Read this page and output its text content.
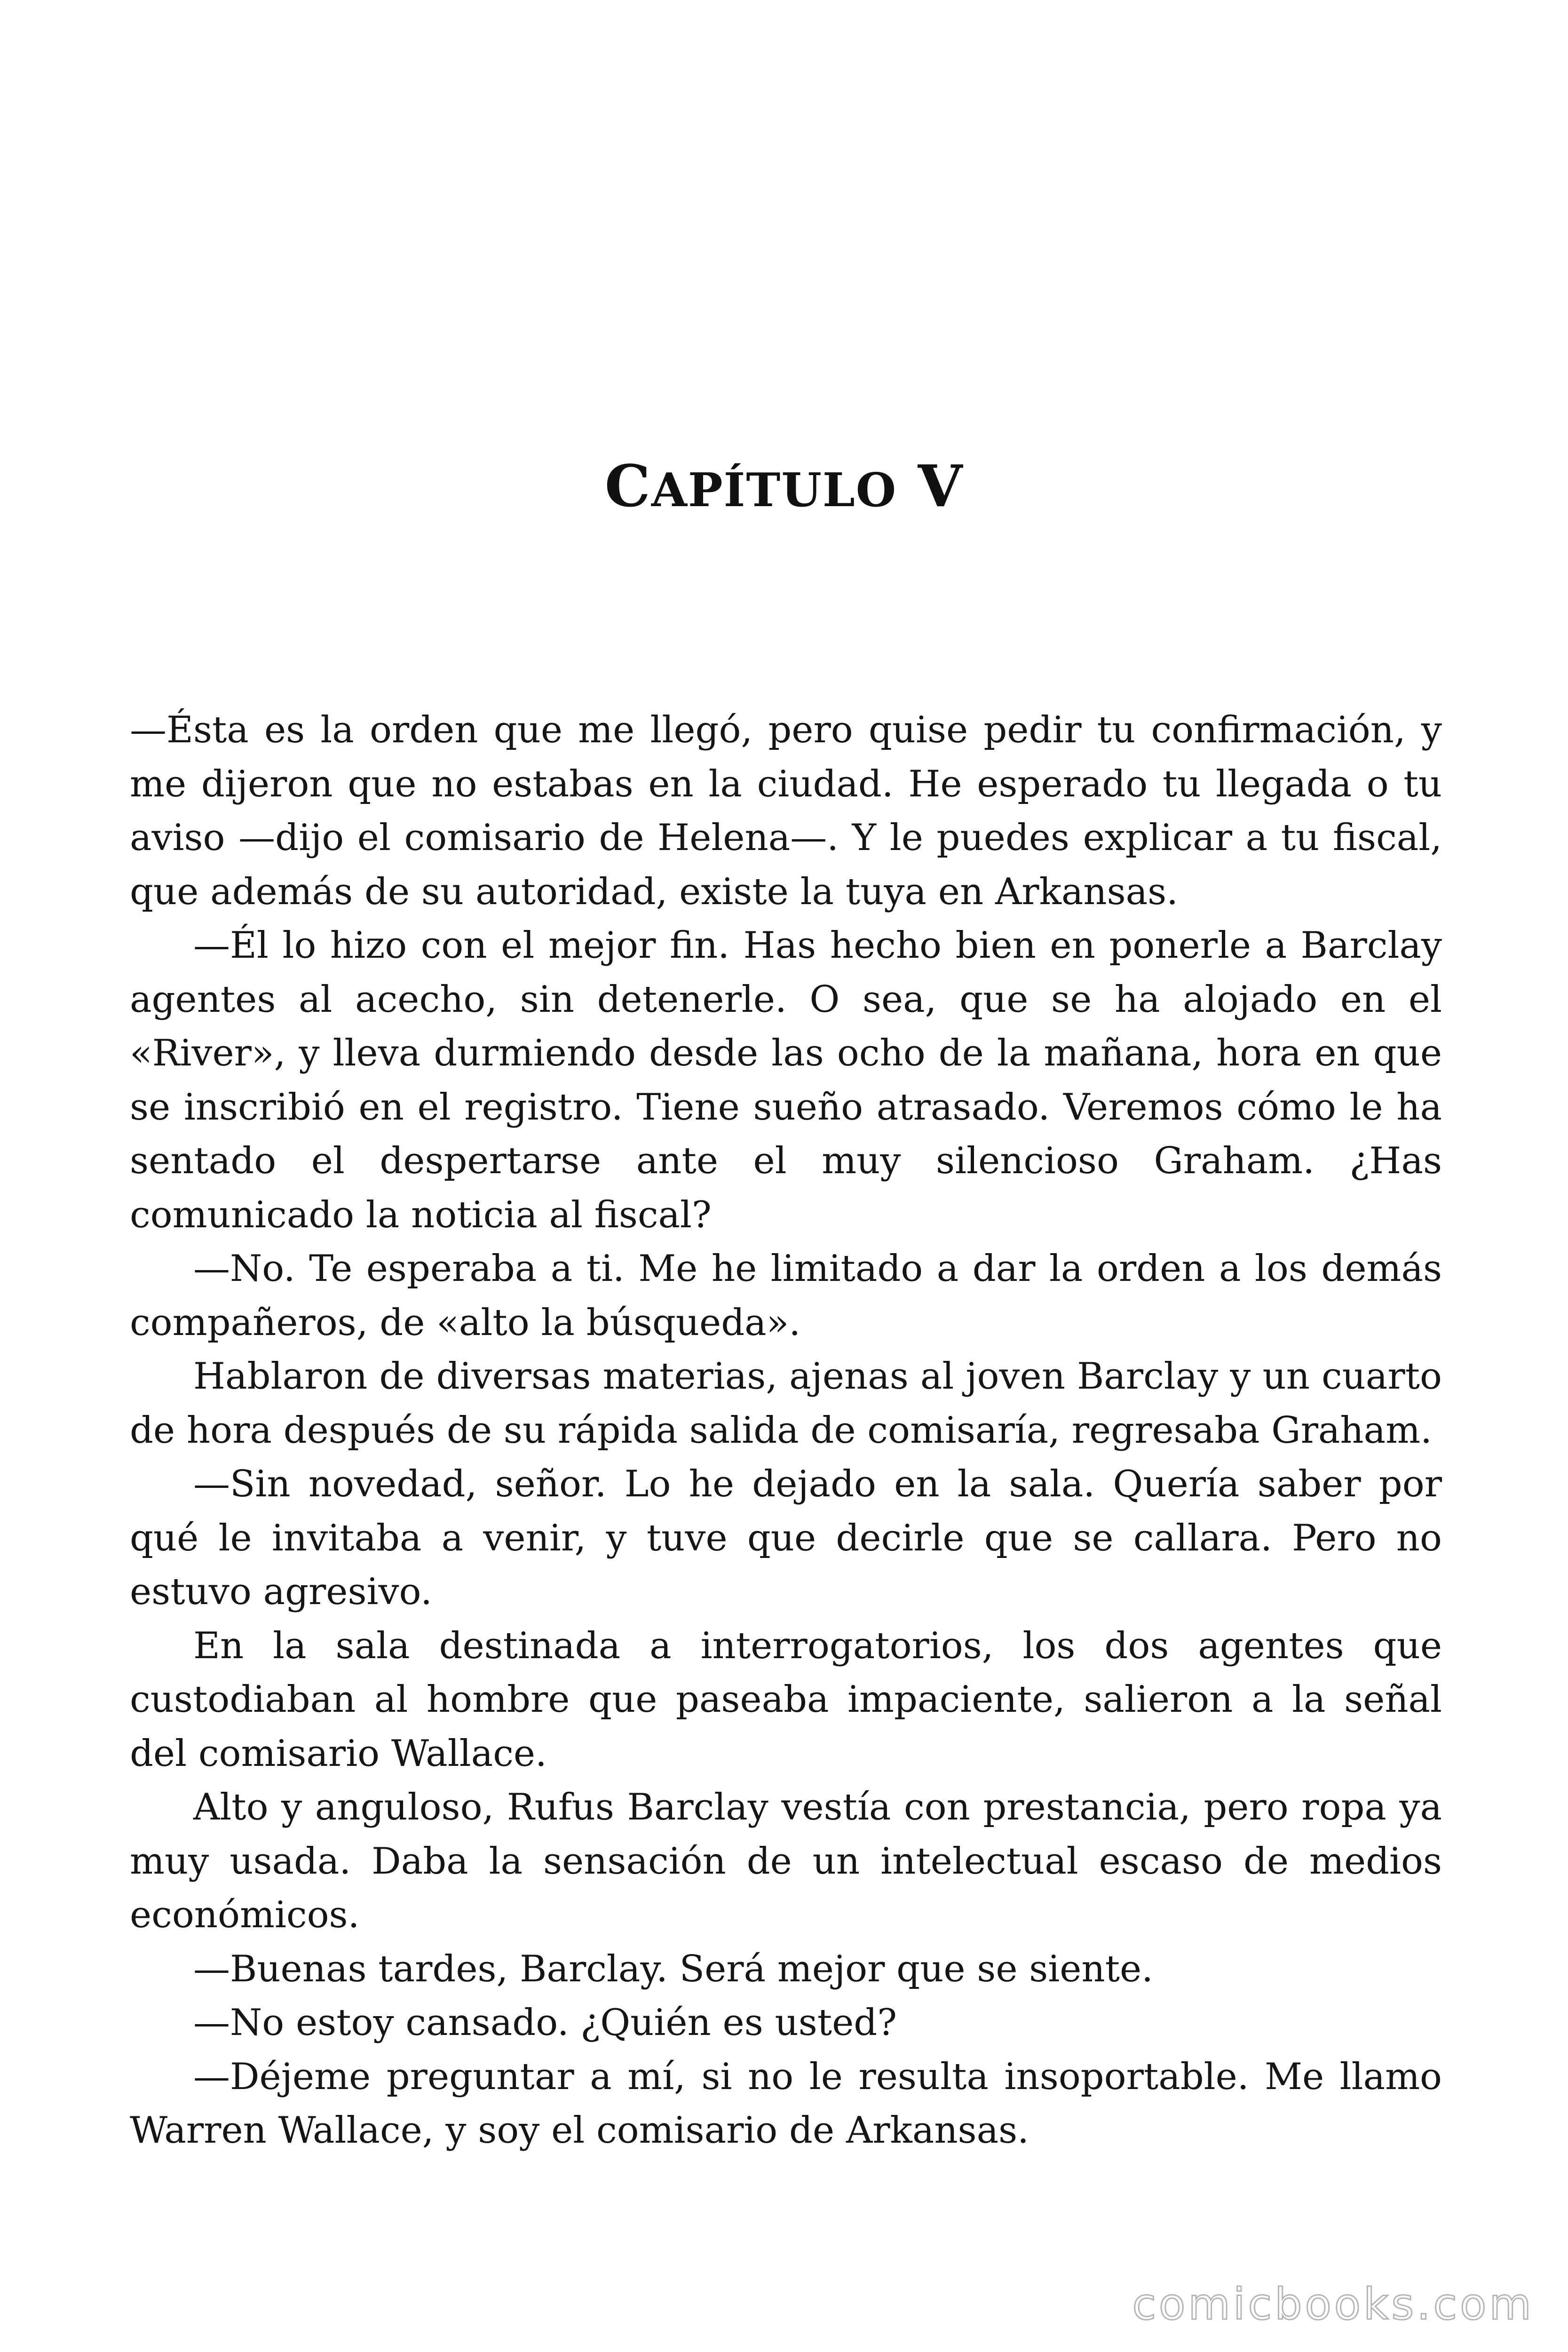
CAPÍTULO V

—Ésta es la orden que me llegó, pero quise pedir tu confirmación, y me dijeron que no estabas en la ciudad. He esperado tu llegada o tu aviso —dijo el comisario de Helena—. Y le puedes explicar a tu fiscal, que además de su autoridad, existe la tuya en Arkansas.

—Él lo hizo con el mejor fin. Has hecho bien en ponerle a Barclay agentes al acecho, sin detenerle. O sea, que se ha alojado en el «River», y lleva durmiendo desde las ocho de la mañana, hora en que se inscribió en el registro. Tiene sueño atrasado. Veremos cómo le ha sentado el despertarse ante el muy silencioso Graham. ¿Has comunicado la noticia al fiscal?

—No. Te esperaba a ti. Me he limitado a dar la orden a los demás compañeros, de «alto la búsqueda».

Hablaron de diversas materias, ajenas al joven Barclay y un cuarto de hora después de su rápida salida de comisaría, regresaba Graham.

—Sin novedad, señor. Lo he dejado en la sala. Quería saber por qué le invitaba a venir, y tuve que decirle que se callara. Pero no estuvo agresivo.

En la sala destinada a interrogatorios, los dos agentes que custodiaban al hombre que paseaba impaciente, salieron a la señal del comisario Wallace.

Alto y anguloso, Rufus Barclay vestía con prestancia, pero ropa ya muy usada. Daba la sensación de un intelectual escaso de medios económicos.

—Buenas tardes, Barclay. Será mejor que se siente.

—No estoy cansado. ¿Quién es usted?

—Déjeme preguntar a mí, si no le resulta insoportable. Me llamo Warren Wallace, y soy el comisario de Arkansas.

comicbooks.com
